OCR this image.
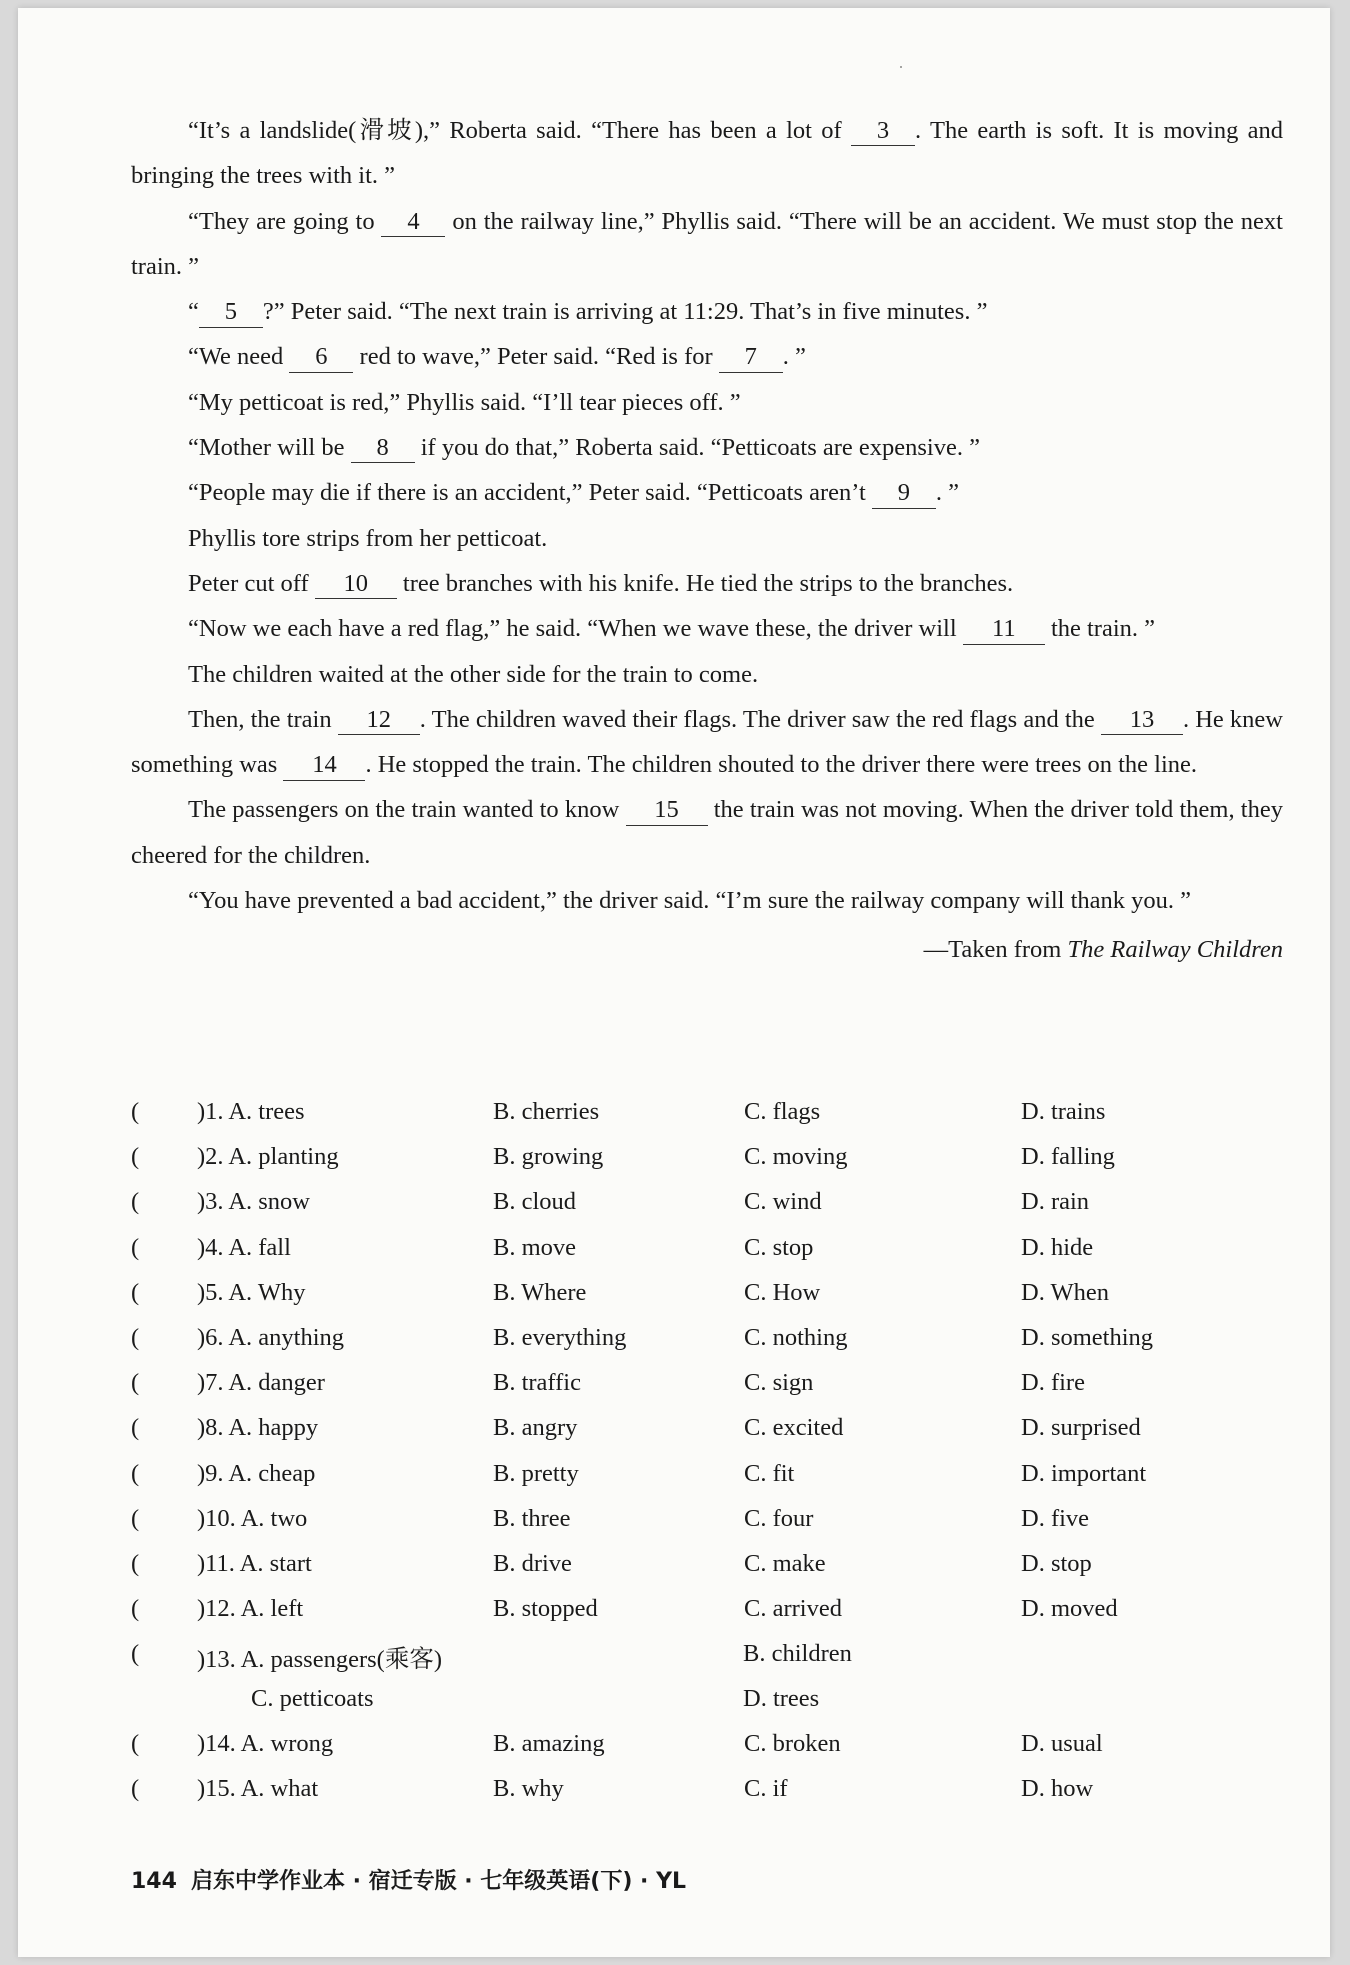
“It’s a landslide(滑坡),” Roberta said. “There has been a lot of 3 . The earth is soft. It is moving and bringing the trees with it. ”

“They are going to 4 on the railway line,” Phyllis said. “There will be an accident. We must stop the next train. ”

“ 5 ?” Peter said. “The next train is arriving at 11:29. That’s in five minutes. ”

“We need 6 red to wave,” Peter said. “Red is for 7 . ”

“My petticoat is red,” Phyllis said. “I’ll tear pieces off. ”

“Mother will be 8 if you do that,” Roberta said. “Petticoats are expensive. ”

“People may die if there is an accident,” Peter said. “Petticoats aren’t 9 . ”

Phyllis tore strips from her petticoat.

Peter cut off 10 tree branches with his knife. He tied the strips to the branches.

“Now we each have a red flag,” he said. “When we wave these, the driver will 11 the train. ”

The children waited at the other side for the train to come.

Then, the train 12 . The children waved their flags. The driver saw the red flags and the 13 . He knew something was 14 . He stopped the train. The children shouted to the driver there were trees on the line.

The passengers on the train wanted to know 15 the train was not moving. When the driver told them, they cheered for the children.

“You have prevented a bad accident,” the driver said. “I’m sure the railway company will thank you. ”

—Taken from The Railway Children

( )1. A. trees	B. cherries	C. flags	D. trains
( )2. A. planting	B. growing	C. moving	D. falling
( )3. A. snow	B. cloud	C. wind	D. rain
( )4. A. fall	B. move	C. stop	D. hide
( )5. A. Why	B. Where	C. How	D. When
( )6. A. anything	B. everything	C. nothing	D. something
( )7. A. danger	B. traffic	C. sign	D. fire
( )8. A. happy	B. angry	C. excited	D. surprised
( )9. A. cheap	B. pretty	C. fit	D. important
( )10. A. two	B. three	C. four	D. five
( )11. A. start	B. drive	C. make	D. stop
( )12. A. left	B. stopped	C. arrived	D. moved
( )13. A. passengers(乘客)	B. children
C. petticoats	D. trees
( )14. A. wrong	B. amazing	C. broken	D. usual
( )15. A. what	B. why	C. if	D. how
144 启东中学作业本 · 宿迁专版 · 七年级英语(下) · YL
